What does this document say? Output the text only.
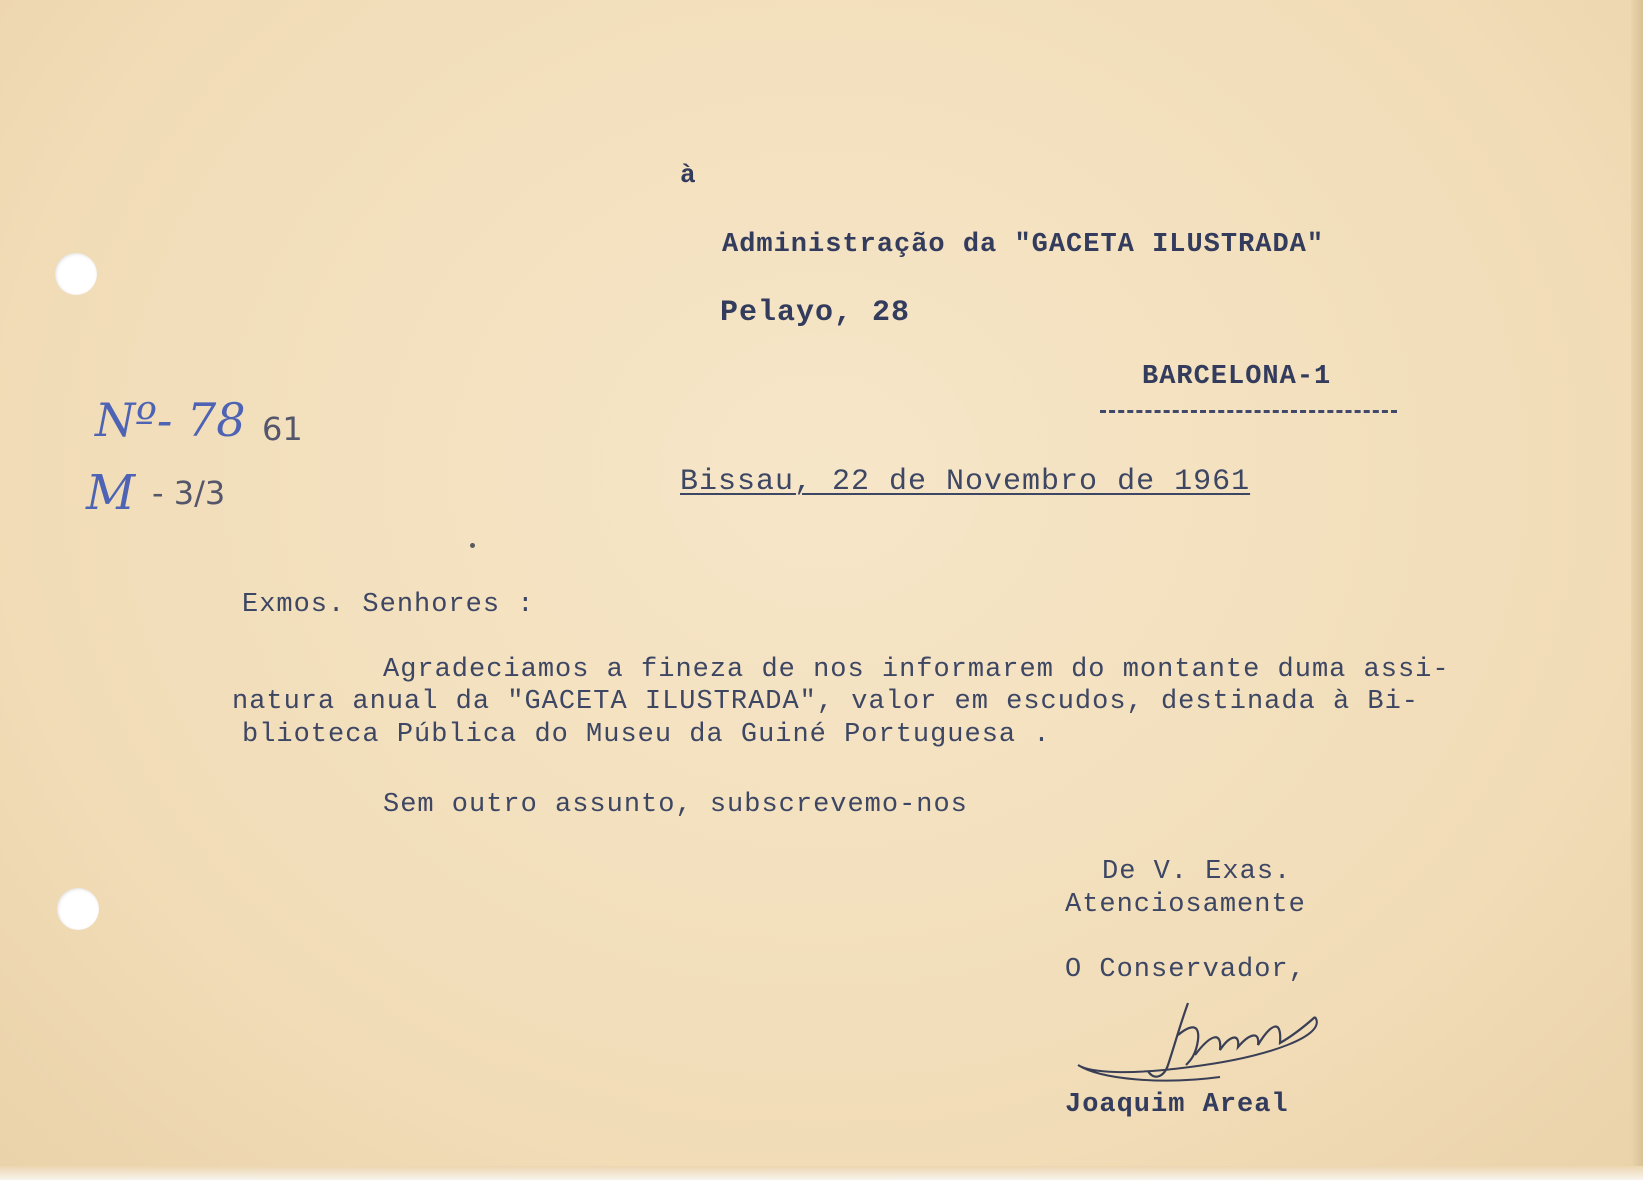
à
Administração da "GACETA ILUSTRADA"
Pelayo, 28
BARCELONA-1
Nº- 78 61
M - 3/3	Bissau, 22 de Novembro de 1961
Exmos. Senhores :
Agradeciamos a fineza de nos informarem do montante duma assi-
natura anual da "GACETA ILUSTRADA", valor em escudos, destinada à Bi-
blioteca Pública do Museu da Guiné Portuguesa .
Sem outro assunto, subscrevemo-nos
De V. Exas.
Atenciosamente
O Conservador,
Joaquim Areal
